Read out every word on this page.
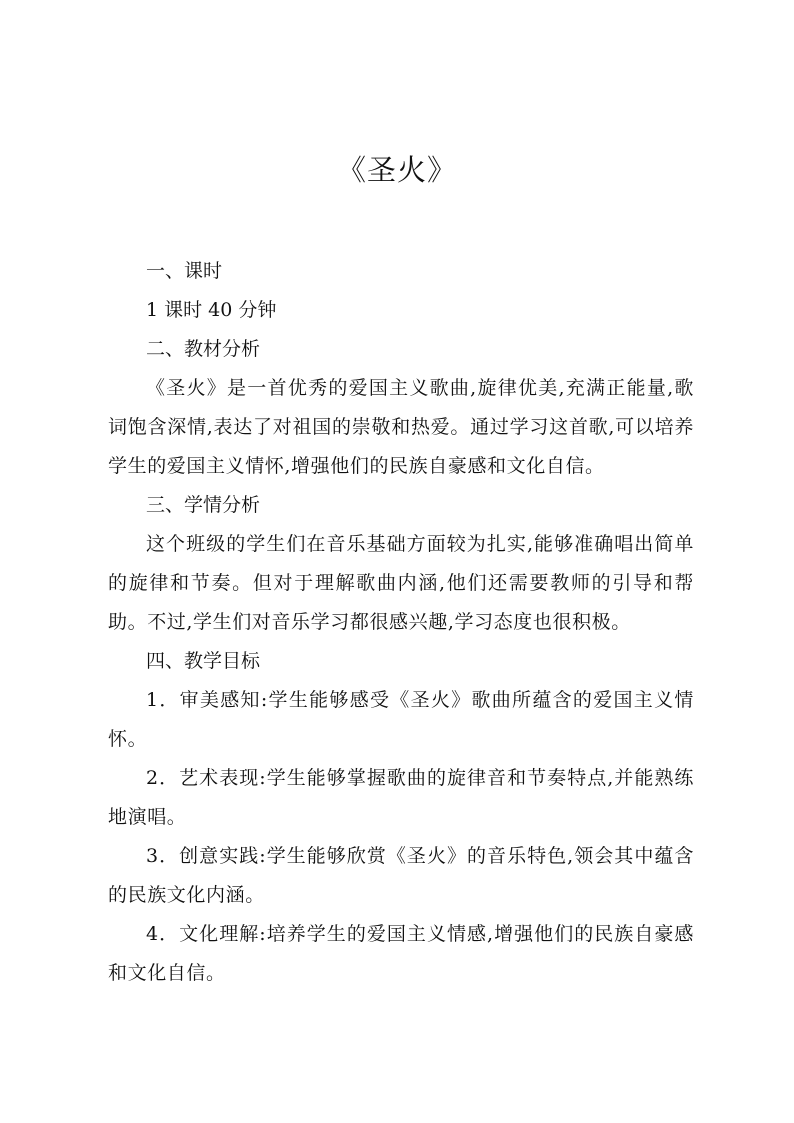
《圣火》
一、课时
1 课时 40 分钟
二、教材分析
《圣火》是一首优秀的爱国主义歌曲,旋律优美,充满正能量,歌词饱含深情,表达了对祖国的崇敬和热爱。通过学习这首歌,可以培养学生的爱国主义情怀,增强他们的民族自豪感和文化自信。
三、学情分析
这个班级的学生们在音乐基础方面较为扎实,能够准确唱出简单的旋律和节奏。但对于理解歌曲内涵,他们还需要教师的引导和帮助。不过,学生们对音乐学习都很感兴趣,学习态度也很积极。
四、教学目标
1．审美感知:学生能够感受《圣火》歌曲所蕴含的爱国主义情怀。
2．艺术表现:学生能够掌握歌曲的旋律音和节奏特点,并能熟练地演唱。
3．创意实践:学生能够欣赏《圣火》的音乐特色,领会其中蕴含的民族文化内涵。
4．文化理解:培养学生的爱国主义情感,增强他们的民族自豪感和文化自信。
